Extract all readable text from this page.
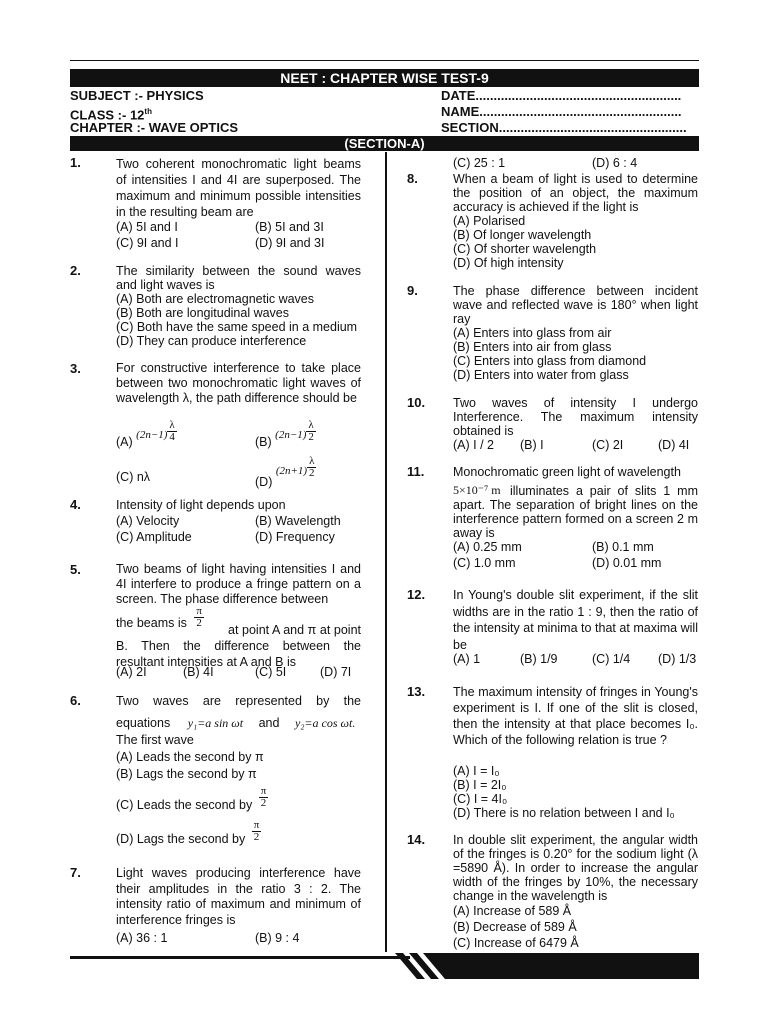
NEET : CHAPTER WISE TEST-9
SUBJECT :- PHYSICS
CLASS :- 12th
CHAPTER :- WAVE OPTICS
DATE.........................................................
NAME........................................................
SECTION....................................................
(SECTION-A)
1.	Two coherent monochromatic light beams of intensities I and 4I are superposed. The maximum and minimum possible intensities in the resulting beam are
(A) 5I and I	(B) 5I and 3I
(C) 9I and I	(D) 9I and 3I
2.	The similarity between the sound waves and light waves is
(A) Both are electromagnetic waves
(B) Both are longitudinal waves
(C) Both have the same speed in a medium
(D) They can produce interference
3.	For constructive interference to take place between two monochromatic light waves of wavelength λ, the path difference should be
(A) $(2n-1) \frac{\lambda}{4}$	(B) $(2n-1) \frac{\lambda}{2}$
(C) nλ	(D) $(2n+1) \frac{\lambda}{2}$
4.	Intensity of light depends upon
(A) Velocity	(B) Wavelength
(C) Amplitude	(D) Frequency
5.	Two beams of light having intensities I and 4I interfere to produce a fringe pattern on a screen. The phase difference between
the beams is $\frac{\pi}{2}$
at point A and π at point B. Then the difference between the resultant intensities at A and B is
(A) 2I	(B) 4I	(C) 5I	(D) 7I
6.	Two waves are represented by the
equations y₁=a sin ωt and y₂=a cos ωt.
The first wave
(A) Leads the second by π
(B) Lags the second by π
(C) Leads the second by $\frac{\pi}{2}$
(D) Lags the second by $\frac{\pi}{2}$
7.	Light waves producing interference have their amplitudes in the ratio 3 : 2. The intensity ratio of maximum and minimum of interference fringes is
(A) 36 : 1	(B) 9 : 4
(C) 25 : 1	(D) 6 : 4
8.	When a beam of light is used to determine the position of an object, the maximum accuracy is achieved if the light is
(A) Polarised
(B) Of longer wavelength
(C) Of shorter wavelength
(D) Of high intensity
9.	The phase difference between incident wave and reflected wave is 180° when light ray
(A) Enters into glass from air
(B) Enters into air from glass
(C) Enters into glass from diamond
(D) Enters into water from glass
10. Two waves of intensity I undergo Interference. The maximum intensity obtained is
(A) I / 2 (B) I	(C) 2I	(D) 4I
11. Monochromatic green light of wavelength
5×10⁻⁷ m illuminates a pair of slits 1 mm apart. The separation of bright lines on the interference pattern formed on a screen 2 m away is
(A) 0.25 mm	(B) 0.1 mm
(C) 1.0 mm	(D) 0.01 mm
12. In Young's double slit experiment, if the slit widths are in the ratio 1 : 9, then the ratio of the intensity at minima to that at maxima will be
(A) 1	(B) 1/9	(C) 1/4 (D) 1/3
13. The maximum intensity of fringes in Young's experiment is I. If one of the slit is closed, then the intensity at that place becomes I₀. Which of the following relation is true ?
(A) I = I₀
(B) I = 2I₀
(C) I = 4I₀
(D) There is no relation between I and I₀
14. In double slit experiment, the angular width of the fringes is 0.20° for the sodium light (λ =5890 Å). In order to increase the angular width of the fringes by 10%, the necessary change in the wavelength is
(A) Increase of 589 Å
(B) Decrease of 589 Å
(C) Increase of 6479 Å
